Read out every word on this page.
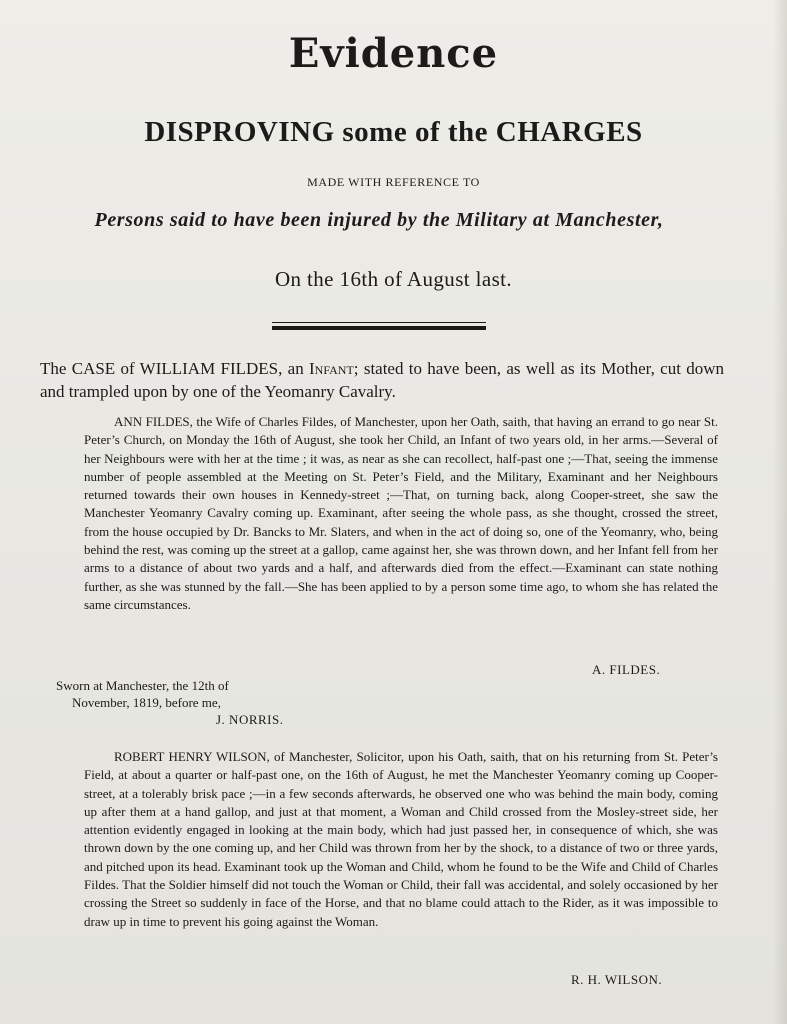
Evidence
DISPROVING some of the CHARGES
MADE WITH REFERENCE TO
Persons said to have been injured by the Military at Manchester,
On the 16th of August last.
The CASE of WILLIAM FILDES, an Infant; stated to have been, as well as its Mother, cut down and trampled upon by one of the Yeomanry Cavalry.
ANN FILDES, the Wife of Charles Fildes, of Manchester, upon her Oath, saith, that having an errand to go near St. Peter’s Church, on Monday the 16th of August, she took her Child, an Infant of two years old, in her arms.—Several of her Neighbours were with her at the time ; it was, as near as she can recollect, half-past one ;—That, seeing the immense number of people assembled at the Meeting on St. Peter’s Field, and the Military, Examinant and her Neighbours returned towards their own houses in Kennedy-street ;—That, on turning back, along Cooper-street, she saw the Manchester Yeomanry Cavalry coming up. Examinant, after seeing the whole pass, as she thought, crossed the street, from the house occupied by Dr. Bancks to Mr. Slaters, and when in the act of doing so, one of the Yeomanry, who, being behind the rest, was coming up the street at a gallop, came against her, she was thrown down, and her Infant fell from her arms to a distance of about two yards and a half, and afterwards died from the effect.—Examinant can state nothing further, as she was stunned by the fall.—She has been applied to by a person some time ago, to whom she has related the same circumstances.
A. FILDES.
Sworn at Manchester, the 12th of
November, 1819, before me,
J. NORRIS.
ROBERT HENRY WILSON, of Manchester, Solicitor, upon his Oath, saith, that on his returning from St. Peter’s Field, at about a quarter or half-past one, on the 16th of August, he met the Manchester Yeomanry coming up Cooper-street, at a tolerably brisk pace ;—in a few seconds afterwards, he observed one who was behind the main body, coming up after them at a hand gallop, and just at that moment, a Woman and Child crossed from the Mosley-street side, her attention evidently engaged in looking at the main body, which had just passed her, in consequence of which, she was thrown down by the one coming up, and her Child was thrown from her by the shock, to a distance of two or three yards, and pitched upon its head. Examinant took up the Woman and Child, whom he found to be the Wife and Child of Charles Fildes. That the Soldier himself did not touch the Woman or Child, their fall was accidental, and solely occasioned by her crossing the Street so suddenly in face of the Horse, and that no blame could attach to the Rider, as it was impossible to draw up in time to prevent his going against the Woman.
R. H. WILSON.
